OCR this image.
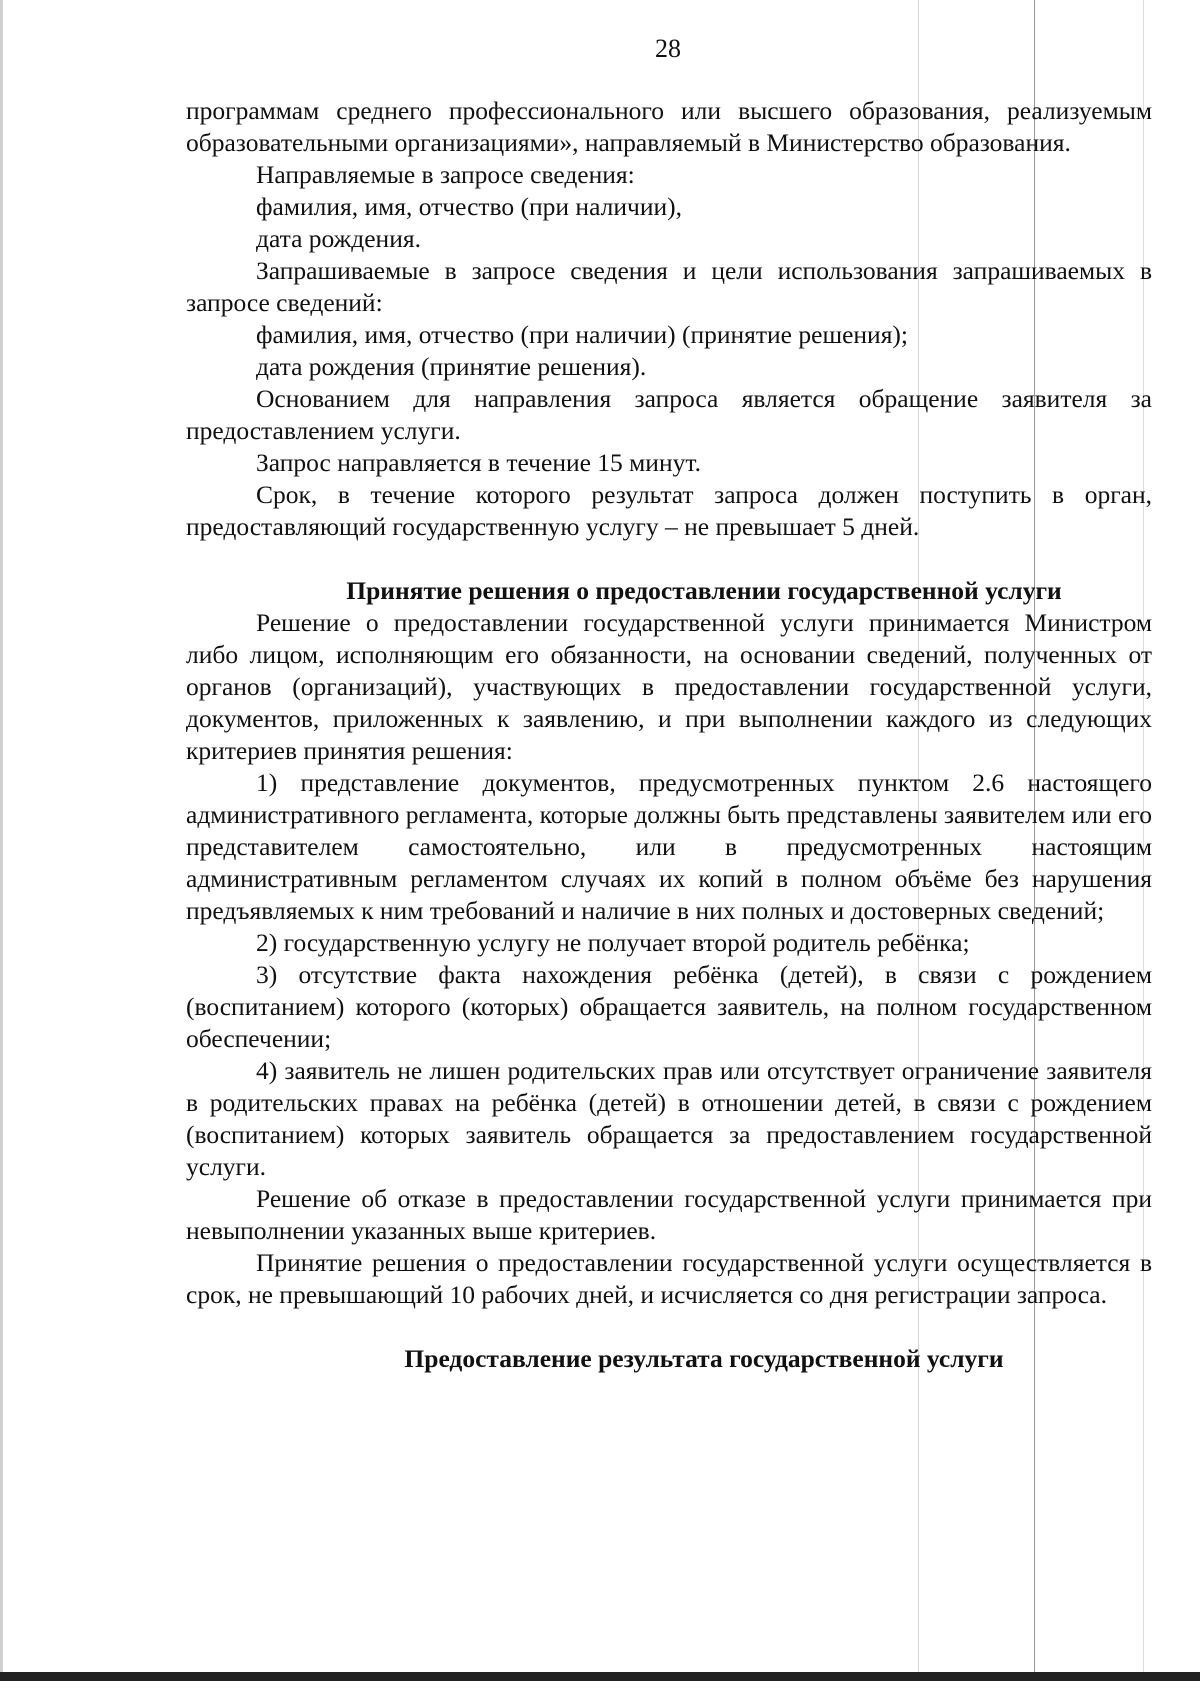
28

программам среднего профессионального или высшего образования, реализуемым образовательными организациями», направляемый в Министерство образования.

Направляемые в запросе сведения:

фамилия, имя, отчество (при наличии),

дата рождения.

Запрашиваемые в запросе сведения и цели использования запрашиваемых в запросе сведений:

фамилия, имя, отчество (при наличии) (принятие решения);

дата рождения (принятие решения).

Основанием для направления запроса является обращение заявителя за предоставлением услуги.

Запрос направляется в течение 15 минут.

Срок, в течение которого результат запроса должен поступить в орган, предоставляющий государственную услугу – не превышает 5 дней.

Принятие решения о предоставлении государственной услуги

Решение о предоставлении государственной услуги принимается Министром либо лицом, исполняющим его обязанности, на основании сведений, полученных от органов (организаций), участвующих в предоставлении государственной услуги, документов, приложенных к заявлению, и при выполнении каждого из следующих критериев принятия решения:

1) представление документов, предусмотренных пунктом 2.6 настоящего административного регламента, которые должны быть представлены заявителем или его представителем самостоятельно, или в предусмотренных настоящим административным регламентом случаях их копий в полном объёме без нарушения предъявляемых к ним требований и наличие в них полных и достоверных сведений;

2) государственную услугу не получает второй родитель ребёнка;

3) отсутствие факта нахождения ребёнка (детей), в связи с рождением (воспитанием) которого (которых) обращается заявитель, на полном государственном обеспечении;

4) заявитель не лишен родительских прав или отсутствует ограничение заявителя в родительских правах на ребёнка (детей) в отношении детей, в связи с рождением (воспитанием) которых заявитель обращается за предоставлением государственной услуги.

Решение об отказе в предоставлении государственной услуги принимается при невыполнении указанных выше критериев.

Принятие решения о предоставлении государственной услуги осуществляется в срок, не превышающий 10 рабочих дней, и исчисляется со дня регистрации запроса.

Предоставление результата государственной услуги
